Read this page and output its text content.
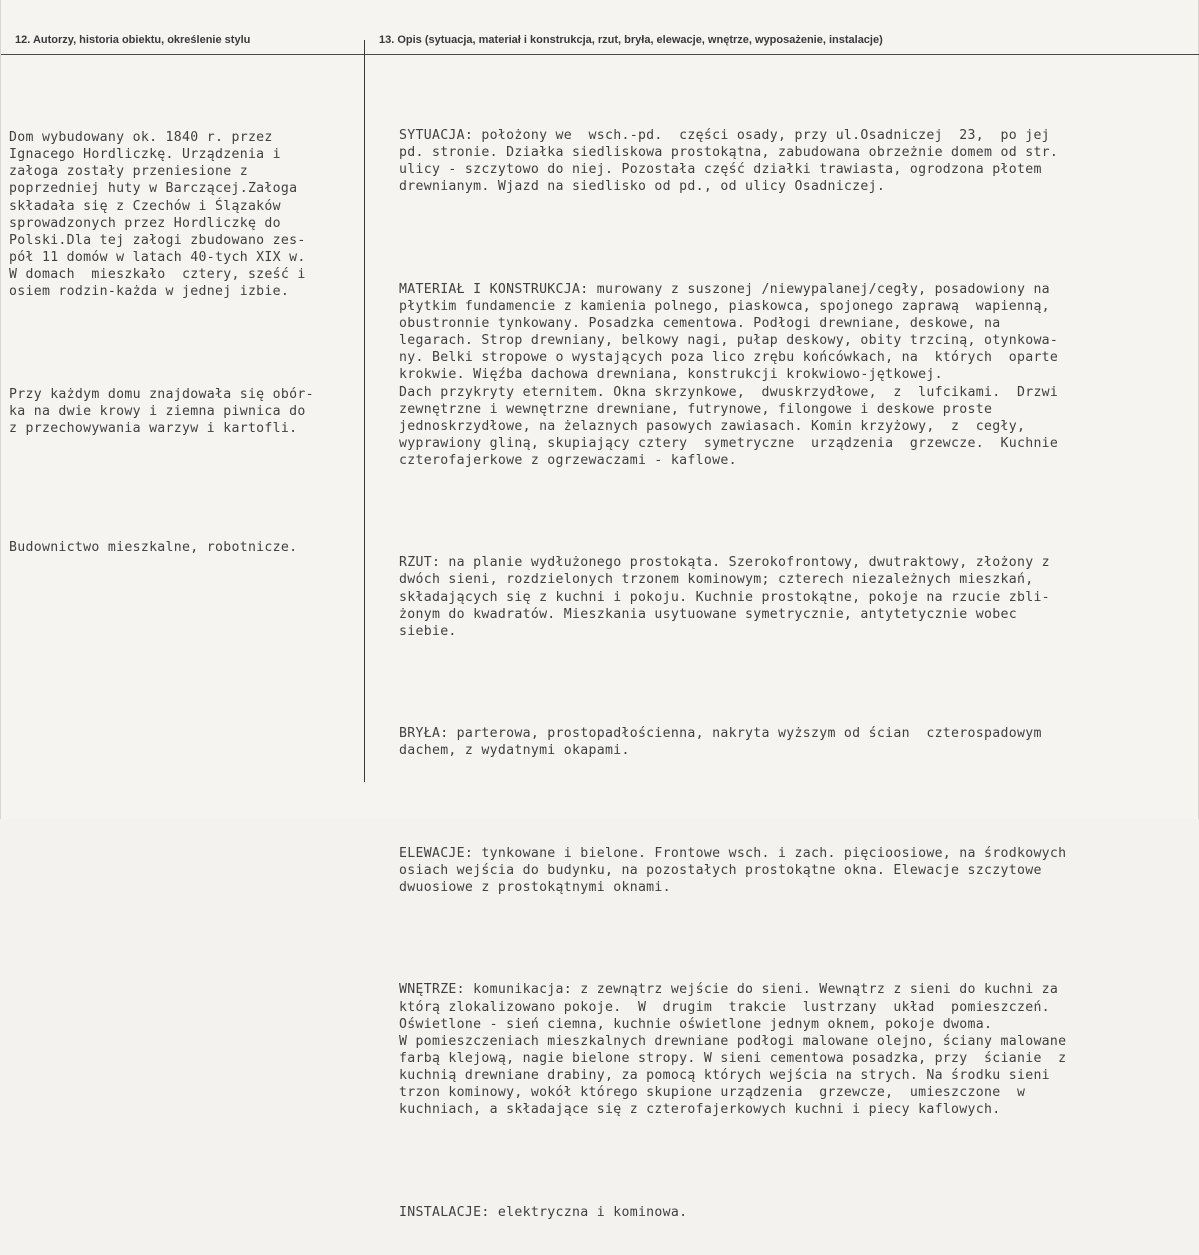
12. Autorzy, historia obiektu, określenie stylu	13. Opis (sytuacja, materiał i konstrukcja, rzut, bryła, elewacje, wnętrze, wyposażenie, instalacje)

Dom wybudowany ok. 1840 r. przez
Ignacego Hordliczkę. Urządzenia i
załoga zostały przeniesione z
poprzedniej huty w Barczącej.Załoga
składała się z Czechów i Ślązaków
sprowadzonych przez Hordliczkę do
Polski.Dla tej załogi zbudowano zes-
pół 11 domów w latach 40-tych XIX w.
W domach  mieszkało  cztery, sześć i
osiem rodzin-każda w jednej izbie.

Przy każdym domu znajdowała się obór-
ka na dwie krowy i ziemna piwnica do
z przechowywania warzyw i kartofli.

Budownictwo mieszkalne, robotnicze.

SYTUACJA: położony we  wsch.-pd.  części osady, przy ul.Osadniczej  23,  po jej
pd. stronie. Działka siedliskowa prostokątna, zabudowana obrzeżnie domem od str.
ulicy - szczytowo do niej. Pozostała część działki trawiasta, ogrodzona płotem
drewnianym. Wjazd na siedlisko od pd., od ulicy Osadniczej.

MATERIAŁ I KONSTRUKCJA: murowany z suszonej /niewypalanej/cegły, posadowiony na
płytkim fundamencie z kamienia polnego, piaskowca, spojonego zaprawą  wapienną,
obustronnie tynkowany. Posadzka cementowa. Podłogi drewniane, deskowe, na
legarach. Strop drewniany, belkowy nagi, pułap deskowy, obity trzciną, otynkowa-
ny. Belki stropowe o wystających poza lico zrębu końcówkach, na  których  oparte
krokwie. Więźba dachowa drewniana, konstrukcji krokwiowo-jętkowej.
Dach przykryty eternitem. Okna skrzynkowe,  dwuskrzydłowe,  z  lufcikami.  Drzwi
zewnętrzne i wewnętrzne drewniane, futrynowe, filongowe i deskowe proste
jednoskrzydłowe, na żelaznych pasowych zawiasach. Komin krzyżowy,  z  cegły,
wyprawiony gliną, skupiający cztery  symetryczne  urządzenia  grzewcze.  Kuchnie
czterofajerkowe z ogrzewaczami - kaflowe.

RZUT: na planie wydłużonego prostokąta. Szerokofrontowy, dwutraktowy, złożony z
dwóch sieni, rozdzielonych trzonem kominowym; czterech niezależnych mieszkań,
składających się z kuchni i pokoju. Kuchnie prostokątne, pokoje na rzucie zbli-
żonym do kwadratów. Mieszkania usytuowane symetrycznie, antytetycznie wobec
siebie.

BRYŁA: parterowa, prostopadłościenna, nakryta wyższym od ścian  czterospadowym
dachem, z wydatnymi okapami.

ELEWACJE: tynkowane i bielone. Frontowe wsch. i zach. pięcioosiowe, na środkowych
osiach wejścia do budynku, na pozostałych prostokątne okna. Elewacje szczytowe
dwuosiowe z prostokątnymi oknami.

WNĘTRZE: komunikacja: z zewnątrz wejście do sieni. Wewnątrz z sieni do kuchni za
którą zlokalizowano pokoje.  W  drugim  trakcie  lustrzany  układ  pomieszczeń.
Oświetlone - sień ciemna, kuchnie oświetlone jednym oknem, pokoje dwoma.
W pomieszczeniach mieszkalnych drewniane podłogi malowane olejno, ściany malowane
farbą klejową, nagie bielone stropy. W sieni cementowa posadzka, przy  ścianie  z
kuchnią drewniane drabiny, za pomocą których wejścia na strych. Na środku sieni
trzon kominowy, wokół którego skupione urządzenia  grzewcze,  umieszczone  w
kuchniach, a składające się z czterofajerkowych kuchni i piecy kaflowych.

INSTALACJE: elektryczna i kominowa.
